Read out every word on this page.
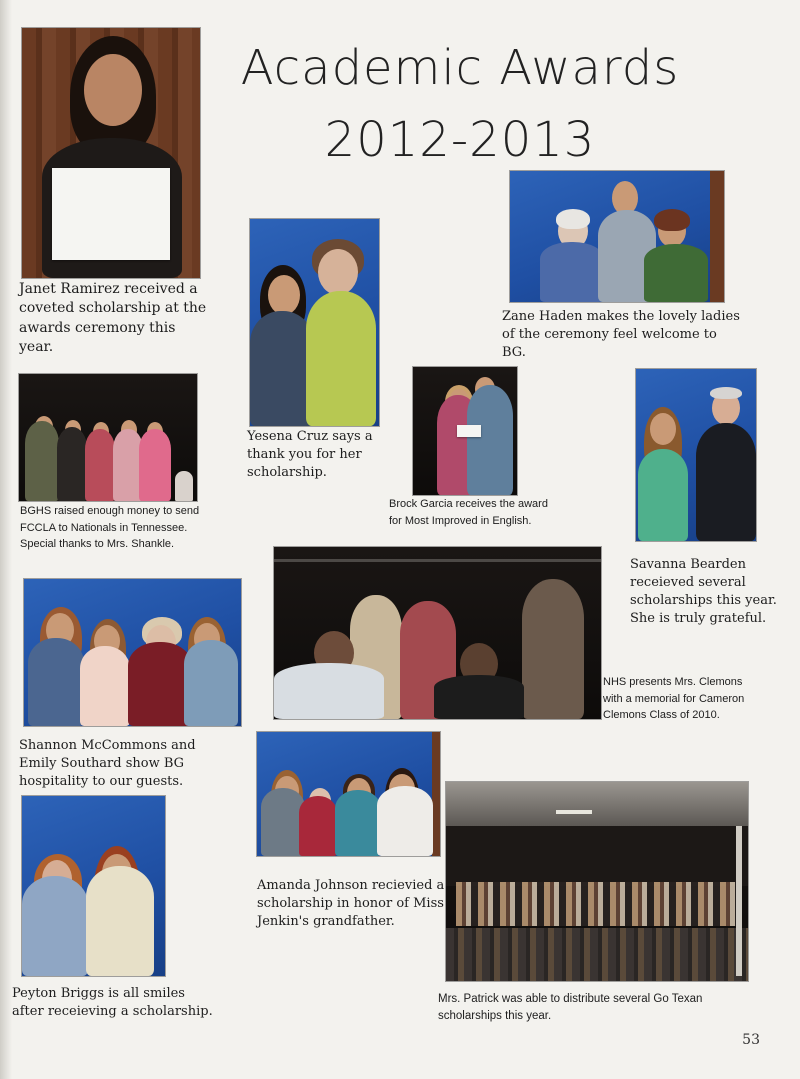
Academic Awards
2012-2013
Janet Ramirez received a coveted scholarship at the awards ceremony this year.
Zane Haden makes the lovely ladies of the ceremony feel welcome to BG.
Yesena Cruz says a thank you for her scholarship.
BGHS raised enough money to send FCCLA to Nationals in Tennessee. Special thanks to Mrs. Shankle.
Brock Garcia receives the award for Most Improved in English.
Savanna Bearden receieved several scholarships this year. She is truly grateful.
NHS presents Mrs. Clemons with a memorial for Cameron Clemons Class of 2010.
Shannon McCommons and Emily Southard show BG hospitality to our guests.
Amanda Johnson recievied a scholarship in honor of Miss Jenkin's grandfather.
Peyton Briggs is all smiles after receieving a scholarship.
Mrs. Patrick was able to distribute several Go Texan scholarships this year.
53
